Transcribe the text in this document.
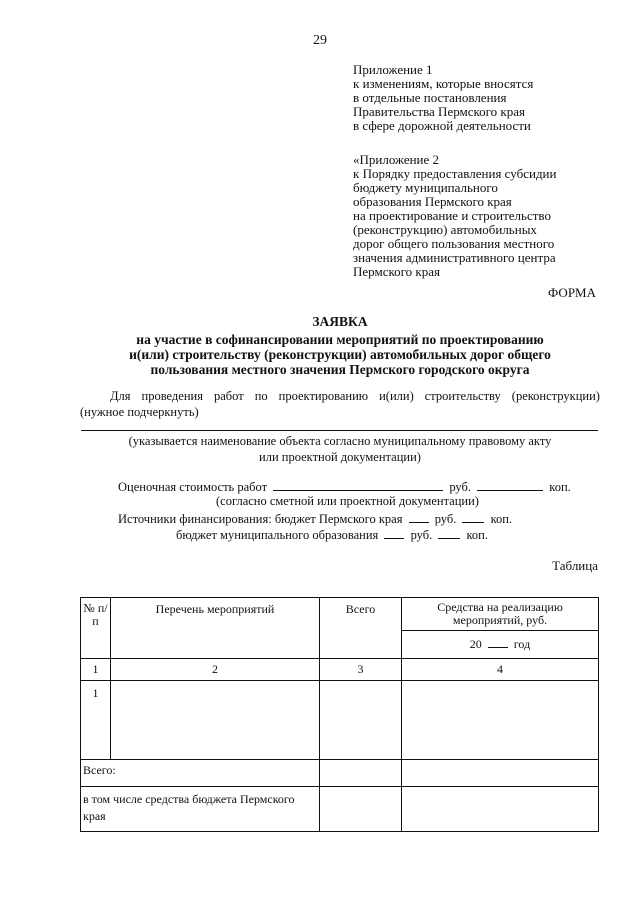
29
Приложение 1
к изменениям, которые вносятся
в отдельные постановления
Правительства Пермского края
в сфере дорожной деятельности
«Приложение 2
к Порядку предоставления субсидии
бюджету муниципального
образования Пермского края
на проектирование и строительство
(реконструкцию) автомобильных
дорог общего пользования местного
значения административного центра
Пермского края
ФОРМА
ЗАЯВКА
на участие в софинансировании мероприятий по проектированию
и(или) строительству (реконструкции) автомобильных дорог общего
пользования местного значения Пермского городского округа
Для проведения работ по проектированию и(или) строительству (реконструкции)
(нужное подчеркнуть)
(указывается наименование объекта согласно муниципальному правовому акту
или проектной документации)
Оценочная стоимость работ	руб.	коп.
(согласно сметной или проектной документации)
Источники финансирования: бюджет Пермского края	руб.	коп.
бюджет муниципального образования	руб.	коп.
Таблица
№ п/п	Перечень мероприятий	Всего	Средства на реализацию мероприятий, руб.
			20 год
1	2	3	4
1			
Всего:			
в том числе средства бюджета Пермского края			
